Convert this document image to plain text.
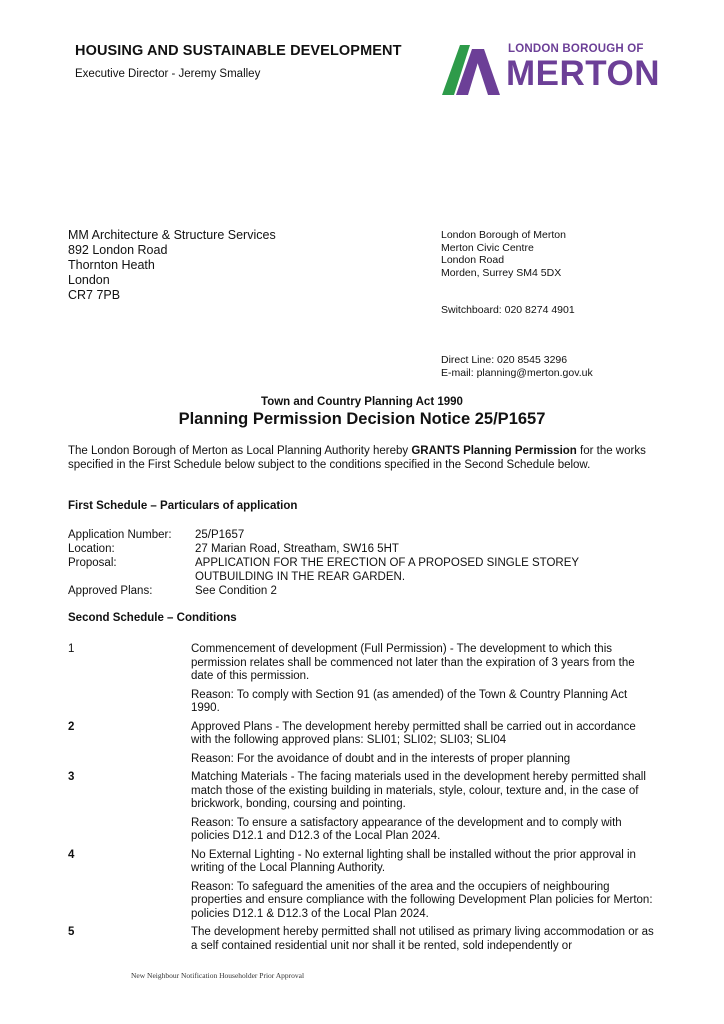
HOUSING AND SUSTAINABLE DEVELOPMENT
Executive Director - Jeremy Smalley
LONDON BOROUGH OF
MERTON
MM Architecture & Structure Services
892 London Road
Thornton Heath
London
CR7 7PB
London Borough of Merton
Merton Civic Centre
London Road
Morden, Surrey SM4 5DX
Switchboard: 020 8274 4901
Direct Line: 020 8545 3296
E-mail: planning@merton.gov.uk
Town and Country Planning Act 1990
Planning Permission Decision Notice 25/P1657
The London Borough of Merton as Local Planning Authority hereby GRANTS Planning Permission for the works specified in the First Schedule below subject to the conditions specified in the Second Schedule below.
First Schedule – Particulars of application
Application Number:	25/P1657
Location:	27 Marian Road, Streatham, SW16 5HT
Proposal:	APPLICATION FOR THE ERECTION OF A PROPOSED SINGLE STOREY OUTBUILDING IN THE REAR GARDEN.
Approved Plans:	See Condition 2
Second Schedule – Conditions
1	Commencement of development (Full Permission) - The development to which this permission relates shall be commenced not later than the expiration of 3 years from the date of this permission.

Reason: To comply with Section 91 (as amended) of the Town & Country Planning Act 1990.

2	Approved Plans - The development hereby permitted shall be carried out in accordance with the following approved plans: SLI01; SLI02; SLI03; SLI04

Reason: For the avoidance of doubt and in the interests of proper planning

3	Matching Materials - The facing materials used in the development hereby permitted shall match those of the existing building in materials, style, colour, texture and, in the case of brickwork, bonding, coursing and pointing.

Reason: To ensure a satisfactory appearance of the development and to comply with policies D12.1 and D12.3 of the Local Plan 2024.

4	No External Lighting - No external lighting shall be installed without the prior approval in writing of the Local Planning Authority.

Reason: To safeguard the amenities of the area and the occupiers of neighbouring properties and ensure compliance with the following Development Plan policies for Merton: policies D12.1 & D12.3 of the Local Plan 2024.

5	The development hereby permitted shall not utilised as primary living accommodation or as a self contained residential unit nor shall it be rented, sold independently or

New Neighbour Notification Householder Prior Approval
